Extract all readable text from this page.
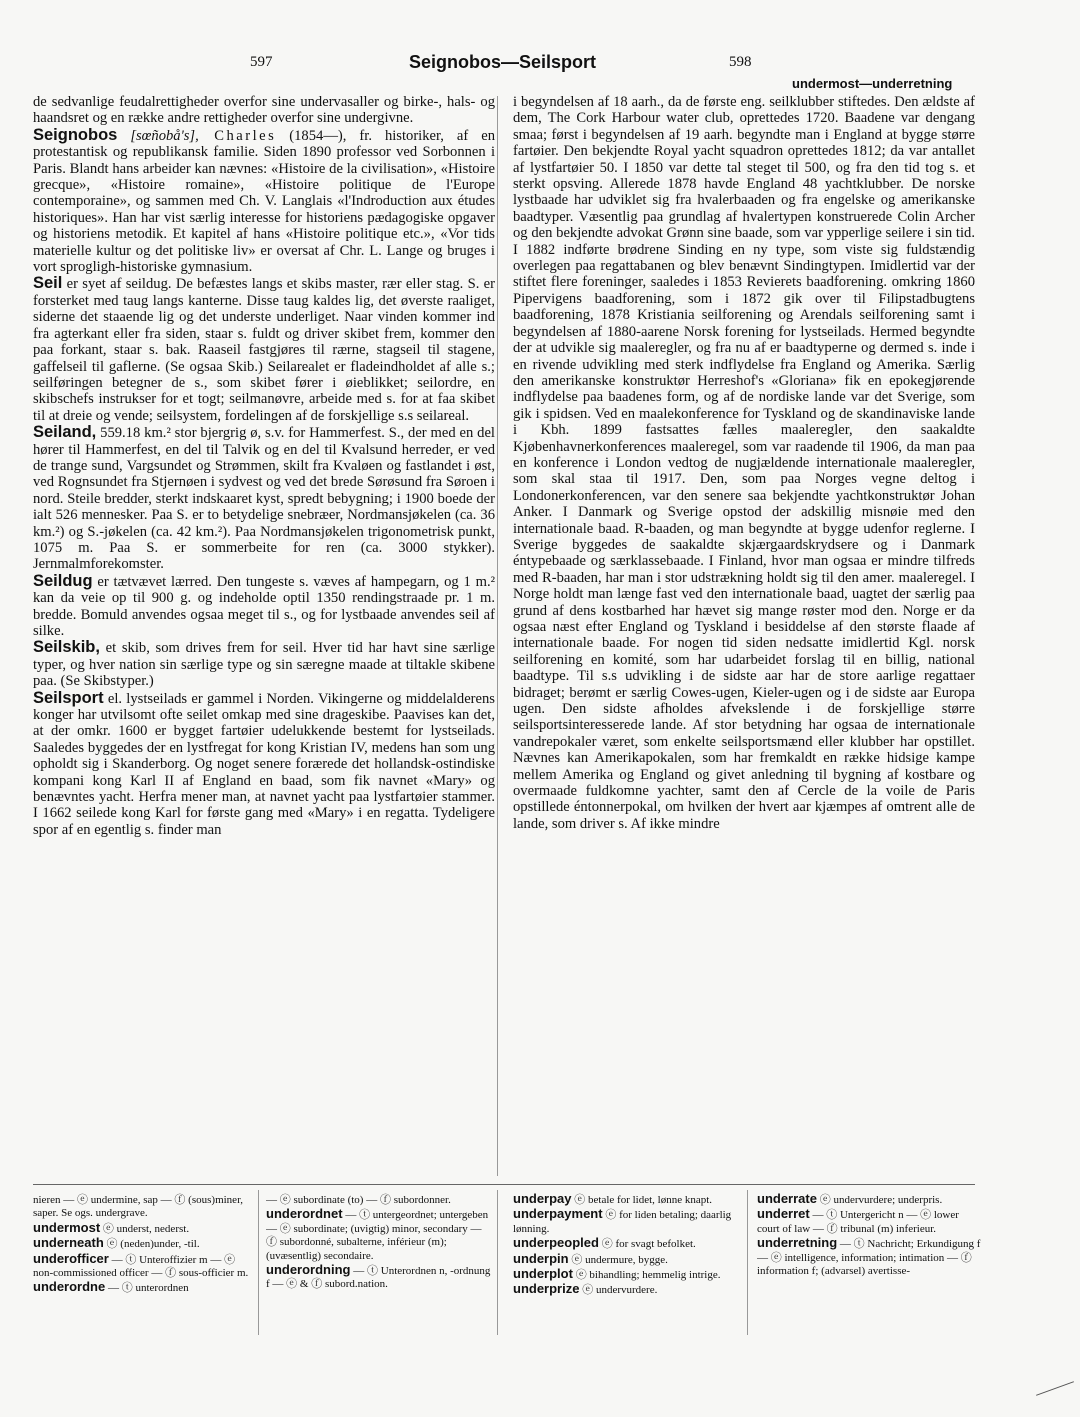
597	Seignobos—Seilsport	598
undermost—underretning

de sedvanlige feudalrettigheder overfor sine undervasaller og birke-, hals- og haandsret og en række andre rettigheder overfor sine undergivne.

Seignobos [sœñobå's], Charles (1854—), fr. historiker, af en protestantisk og republikansk familie. Siden 1890 professor ved Sorbonnen i Paris. Blandt hans arbeider kan nævnes: «Histoire de la civilisation», «Histoire grecque», «Histoire romaine», «Histoire politique de l'Europe contemporaine», og sammen med Ch. V. Langlais «l'Indroduction aux études historiques». Han har vist særlig interesse for historiens pædagogiske opgaver og historiens metodik. Et kapitel af hans «Histoire politique etc.», «Vor tids materielle kultur og det politiske liv» er oversat af Chr. L. Lange og bruges i vort sprogligh-historiske gymnasium.

Seil er syet af seildug. De befæstes langs et skibs master, rær eller stag. S. er forsterket med taug langs kanterne. Disse taug kaldes lig, det øverste raaliget, siderne det staaende lig og det underste underliget. Naar vinden kommer ind fra agterkant eller fra siden, staar s. fuldt og driver skibet frem, kommer den paa forkant, staar s. bak. Raaseil fastgjøres til rærne, stagseil til stagene, gaffelseil til gaflerne. (Se ogsaa Skib.) Seilarealet er fladeindholdet af alle s.; seilføringen betegner de s., som skibet fører i øieblikket; seilordre, en skibschefs instrukser for et togt; seilmanøvre, arbeide med s. for at faa skibet til at dreie og vende; seilsystem, fordelingen af de forskjellige s.s seilareal.

Seiland, 559.18 km.² stor bjergrig ø, s.v. for Hammerfest. S., der med en del hører til Hammerfest, en del til Talvik og en del til Kvalsund herreder, er ved de trange sund, Vargsundet og Strømmen, skilt fra Kvaløen og fastlandet i øst, ved Rognsundet fra Stjernøen i sydvest og ved det brede Sørøsund fra Søroen i nord. Steile bredder, sterkt indskaaret kyst, spredt bebygning; i 1900 boede der ialt 526 mennesker. Paa S. er to betydelige snebræer, Nordmansjøkelen (ca. 36 km.²) og S.-jøkelen (ca. 42 km.²). Paa Nordmansjøkelen trigonometrisk punkt, 1075 m. Paa S. er sommerbeite for ren (ca. 3000 stykker). Jernmalmforekomster.

Seildug er tætvævet lærred. Den tungeste s. væves af hampegarn, og 1 m.² kan da veie op til 900 g. og indeholde optil 1350 rendingstraade pr. 1 m. bredde. Bomuld anvendes ogsaa meget til s., og for lystbaade anvendes seil af silke.

Seilskib, et skib, som drives frem for seil. Hver tid har havt sine særlige typer, og hver nation sin særlige type og sin særegne maade at tiltakle skibene paa. (Se Skibstyper.)

Seilsport el. lystseilads er gammel i Norden. Vikingerne og middelalderens konger har utvilsomt ofte seilet omkap med sine drageskibe. Paavises kan det, at der omkr. 1600 er bygget fartøier udelukkende bestemt for lystseilads. Saaledes byggedes der en lystfregat for kong Kristian IV, medens han som ung opholdt sig i Skanderborg. Og noget senere forærede det hollandsk-ostindiske kompani kong Karl II af England en baad, som fik navnet «Mary» og benævntes yacht. Herfra mener man, at navnet yacht paa lystfartøier stammer. I 1662 seilede kong Karl for første gang med «Mary» i en regatta. Tydeligere spor af en egentlig s. finder man

i begyndelsen af 18 aarh., da de første eng. seilklubber stiftedes. Den ældste af dem, The Cork Harbour water club, oprettedes 1720. Baadene var dengang smaa; først i begyndelsen af 19 aarh. begyndte man i England at bygge større fartøier. Den bekjendte Royal yacht squadron oprettedes 1812; da var antallet af lystfartøier 50. I 1850 var dette tal steget til 500, og fra den tid tog s. et sterkt opsving. Allerede 1878 havde England 48 yachtklubber. De norske lystbaade har udviklet sig fra hvalerbaaden og fra engelske og amerikanske baadtyper. Væsentlig paa grundlag af hvalertypen konstruerede Colin Archer og den bekjendte advokat Grønn sine baade, som var ypperlige seilere i sin tid. I 1882 indførte brødrene Sinding en ny type, som viste sig fuldstændig overlegen paa regattabanen og blev benævnt Sindingtypen. Imidlertid var der stiftet flere foreninger, saaledes i 1853 Revierets baadforening. omkring 1860 Pipervigens baadforening, som i 1872 gik over til Filipstadbugtens baadforening, 1878 Kristiania seilforening og Arendals seilforening samt i begyndelsen af 1880-aarene Norsk forening for lystseilads. Hermed begyndte der at udvikle sig maaleregler, og fra nu af er baadtyperne og dermed s. inde i en rivende udvikling med sterk indflydelse fra England og Amerika. Særlig den amerikanske konstruktør Herreshof's «Gloriana» fik en epokegjørende indflydelse paa baadenes form, og af de nordiske lande var det Sverige, som gik i spidsen. Ved en maalekonference for Tyskland og de skandinaviske lande i Kbh. 1899 fastsattes fælles maaleregler, den saakaldte Kjøbenhavnerkonferences maaleregel, som var raadende til 1906, da man paa en konference i London vedtog de nugjældende internationale maaleregler, som skal staa til 1917. Den, som paa Norges vegne deltog i Londonerkonferencen, var den senere saa bekjendte yachtkonstruktør Johan Anker. I Danmark og Sverige opstod der adskillig misnøie med den internationale baad. R-baaden, og man begyndte at bygge udenfor reglerne. I Sverige byggedes de saakaldte skjærgaardskrydsere og i Danmark éntypebaade og særklassebaade. I Finland, hvor man ogsaa er mindre tilfreds med R-baaden, har man i stor udstrækning holdt sig til den amer. maaleregel. I Norge holdt man længe fast ved den internationale baad, uagtet der særlig paa grund af dens kostbarhed har hævet sig mange røster mod den. Norge er da ogsaa næst efter England og Tyskland i besiddelse af den største flaade af internationale baade. For nogen tid siden nedsatte imidlertid Kgl. norsk seilforening en komité, som har udarbeidet forslag til en billig, national baadtype. Til s.s udvikling i de sidste aar har de store aarlige regattaer bidraget; berømt er særlig Cowes-ugen, Kieler-ugen og i de sidste aar Europa ugen. Den sidste afholdes afvekslende i de forskjellige større seilsportsinteresserede lande. Af stor betydning har ogsaa de internationale vandrepokaler været, som enkelte seilsportsmænd eller klubber har opstillet. Nævnes kan Amerikapokalen, som har fremkaldt en række hidsige kampe mellem Amerika og England og givet anledning til bygning af kostbare og overmaade fuldkomne yachter, samt den af Cercle de la voile de Paris opstillede éntonnerpokal, om hvilken der hvert aar kjæmpes af omtrent alle de lande, som driver s. Af ikke mindre

nieren — ⓔ undermine, sap — ⓕ (sous)miner, saper. Se ogs. undergrave.

undermost ⓔ underst, nederst.

underneath ⓔ (neden)under, -til.

underofficer — ⓣ Unteroffizier m — ⓔ non-commissioned officer — ⓕ sous-officier m.

underordne — ⓣ unterordnen

— ⓔ subordinate (to) — ⓕ subordonner.

underordnet — ⓣ untergeordnet; untergeben — ⓔ subordinate; (uvigtig) minor, secondary — ⓕ subordonné, subalterne, inférieur (m); (uvæsentlig) secondaire.

underordning — ⓣ Unterordnen n, -ordnung f — ⓔ & ⓕ subord.nation.

underpay ⓔ betale for lidet, lønne knapt.

underpayment ⓔ for liden betaling; daarlig lønning.

underpeopled ⓔ for svagt befolket.

underpin ⓔ undermure, bygge.

underplot ⓔ bihandling; hemmelig intrige.

underprize ⓔ undervurdere.

underrate ⓔ undervurdere; underpris.

underret — ⓣ Untergericht n — ⓔ lower court of law — ⓕ tribunal (m) inferieur.

underretning — ⓣ Nachricht; Erkundigung f — ⓔ intelligence, information; intimation — ⓕ information f; (advarsel) avertisse-
